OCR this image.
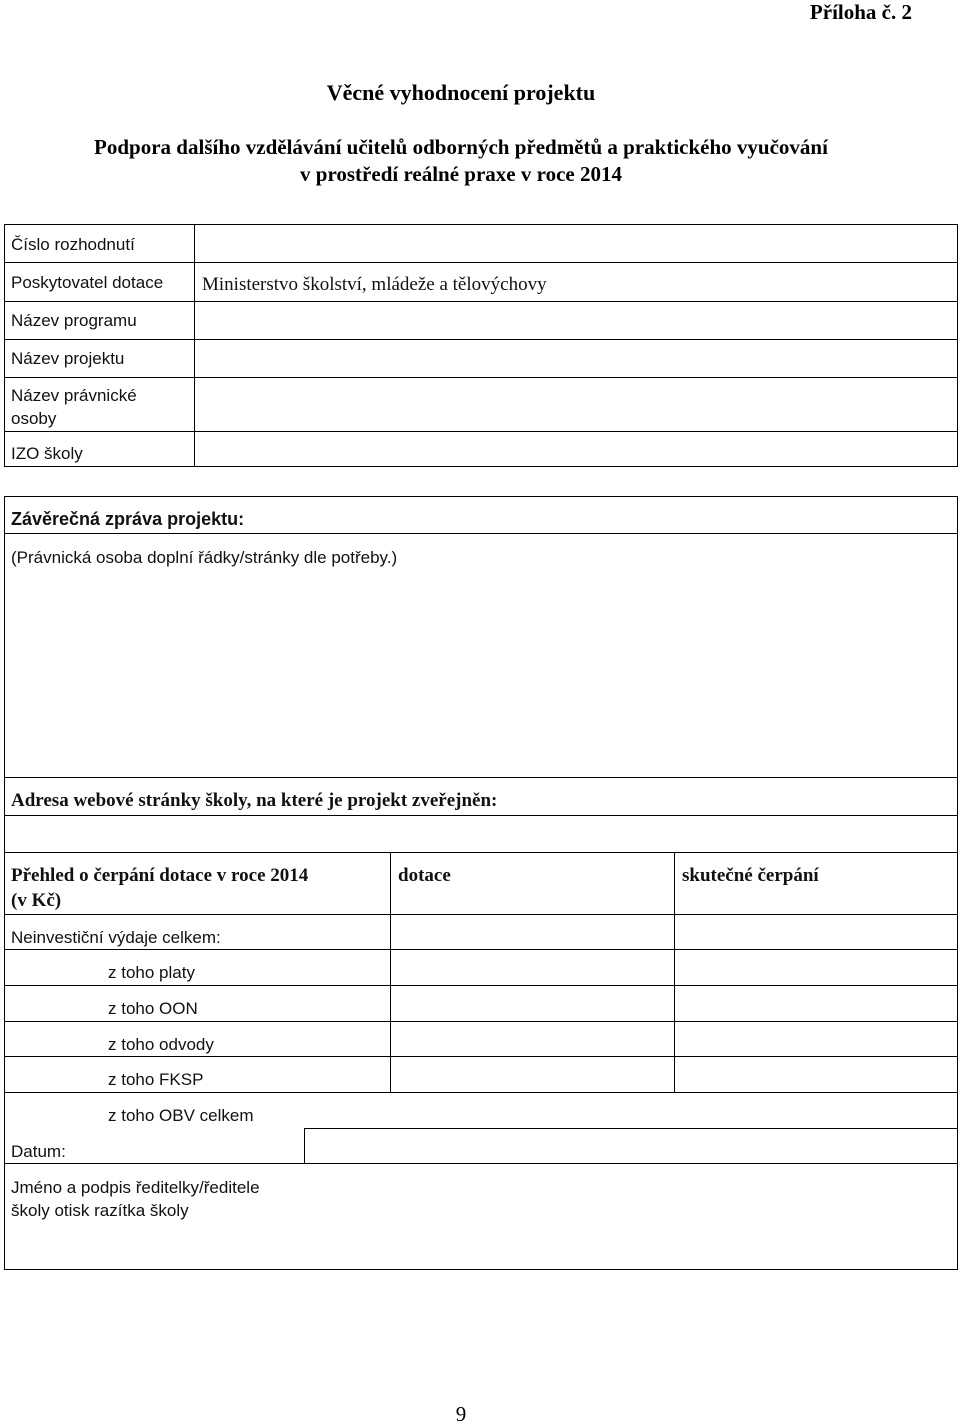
Příloha č. 2
Věcné vyhodnocení projektu
Podpora dalšího vzdělávání učitelů odborných předmětů a praktického vyučování
v prostředí reálné praxe v roce 2014
Číslo rozhodnutí
Poskytovatel dotace Ministerstvo školství, mládeže a tělovýchovy
Název programu
Název projektu
Název právnické
osoby
IZO školy
Závěrečná zpráva projektu:
(Právnická osoba doplní řádky/stránky dle potřeby.)
Adresa webové stránky školy, na které je projekt zveřejněn:
Přehled o čerpání dotace v roce 2014
(v Kč)
dotace	skutečné čerpání
Neinvestiční výdaje celkem:
z toho platy
z toho OON
z toho odvody
z toho FKSP
z toho OBV celkem
Datum:
Jméno a podpis ředitelky/ředitele
školy otisk razítka školy
9
